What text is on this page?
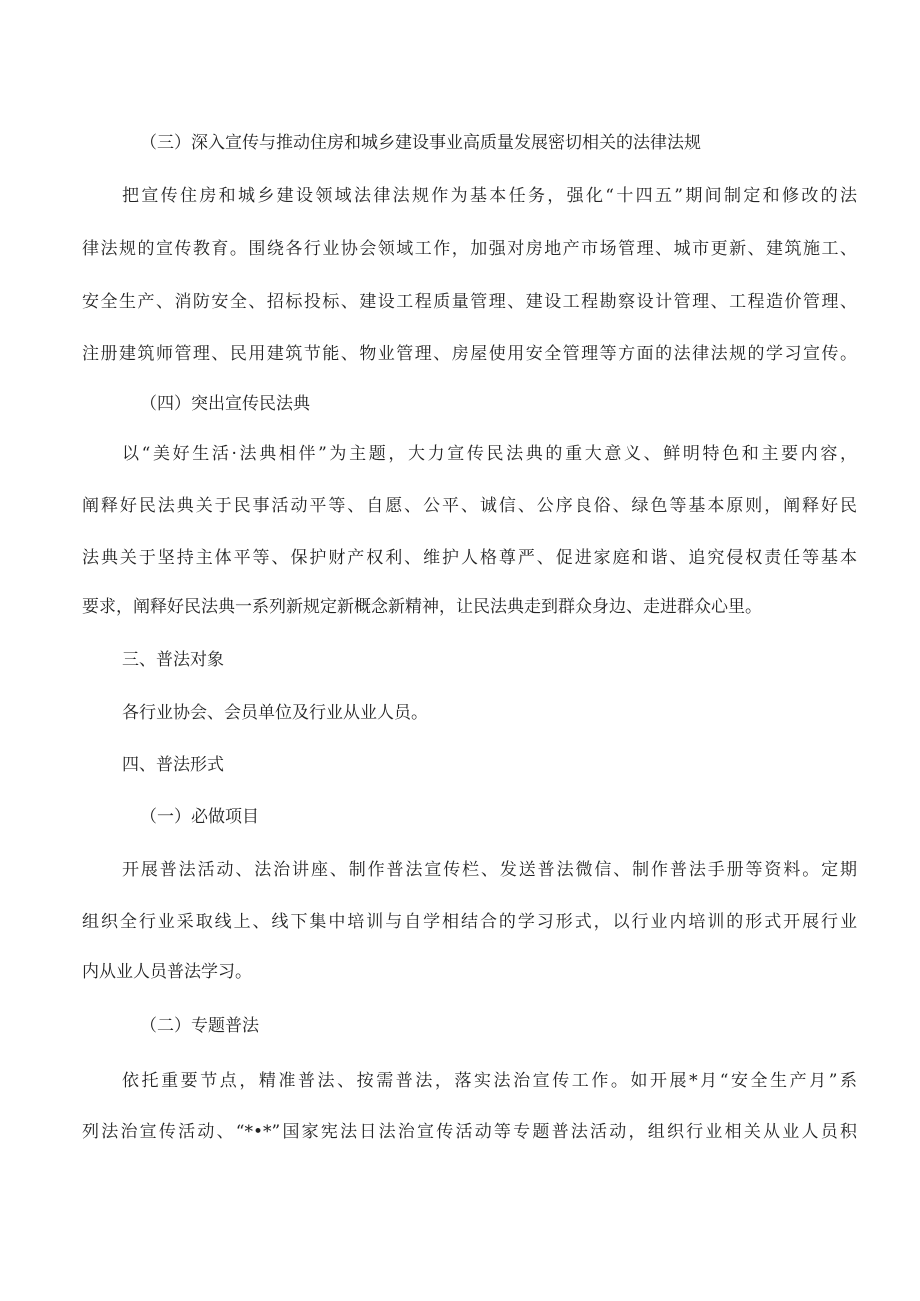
（三）深入宣传与推动住房和城乡建设事业高质量发展密切相关的法律法规
把宣传住房和城乡建设领域法律法规作为基本任务，强化“十四五”期间制定和修改的法
律法规的宣传教育。围绕各行业协会领域工作，加强对房地产市场管理、城市更新、建筑施工、
安全生产、消防安全、招标投标、建设工程质量管理、建设工程勘察设计管理、工程造价管理、
注册建筑师管理、民用建筑节能、物业管理、房屋使用安全管理等方面的法律法规的学习宣传。
（四）突出宣传民法典
以“美好生活·法典相伴”为主题，大力宣传民法典的重大意义、鲜明特色和主要内容，
阐释好民法典关于民事活动平等、自愿、公平、诚信、公序良俗、绿色等基本原则，阐释好民
法典关于坚持主体平等、保护财产权利、维护人格尊严、促进家庭和谐、追究侵权责任等基本
要求，阐释好民法典一系列新规定新概念新精神，让民法典走到群众身边、走进群众心里。
三、普法对象
各行业协会、会员单位及行业从业人员。
四、普法形式
（一）必做项目
开展普法活动、法治讲座、制作普法宣传栏、发送普法微信、制作普法手册等资料。定期
组织全行业采取线上、线下集中培训与自学相结合的学习形式，以行业内培训的形式开展行业
内从业人员普法学习。
（二）专题普法
依托重要节点，精准普法、按需普法，落实法治宣传工作。如开展*月“安全生产月”系
列法治宣传活动、“*•*”国家宪法日法治宣传活动等专题普法活动，组织行业相关从业人员积
